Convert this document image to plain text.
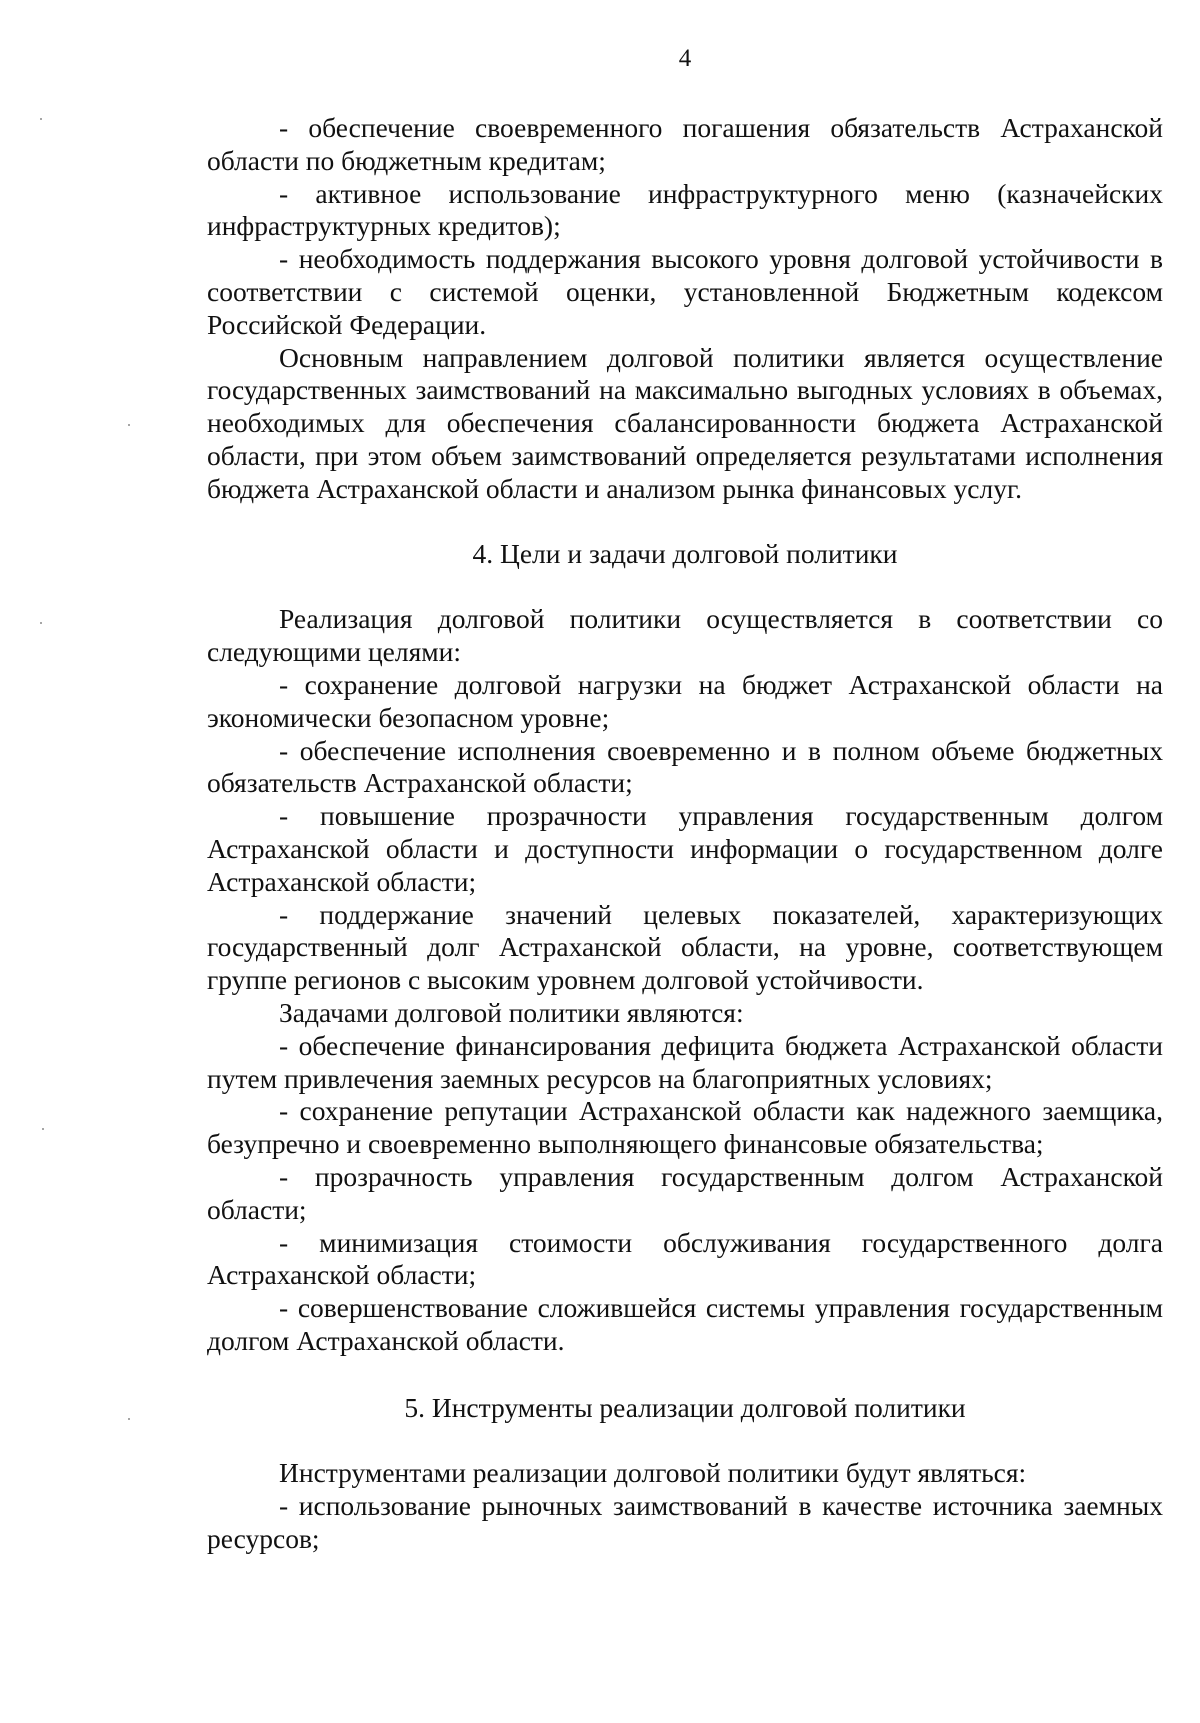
4

- обеспечение своевременного погашения обязательств Астраханской области по бюджетным кредитам;

- активное использование инфраструктурного меню (казначейских инфраструктурных кредитов);

- необходимость поддержания высокого уровня долговой устойчивости в соответствии с системой оценки, установленной Бюджетным кодексом Российской Федерации.

Основным направлением долговой политики является осуществление государственных заимствований на максимально выгодных условиях в объемах, необходимых для обеспечения сбалансированности бюджета Астраханской области, при этом объем заимствований определяется результатами исполнения бюджета Астраханской области и анализом рынка финансовых услуг.

4. Цели и задачи долговой политики

Реализация долговой политики осуществляется в соответствии со следующими целями:

- сохранение долговой нагрузки на бюджет Астраханской области на экономически безопасном уровне;

- обеспечение исполнения своевременно и в полном объеме бюджетных обязательств Астраханской области;

- повышение прозрачности управления государственным долгом Астраханской области и доступности информации о государственном долге Астраханской области;

- поддержание значений целевых показателей, характеризующих государственный долг Астраханской области, на уровне, соответствующем группе регионов с высоким уровнем долговой устойчивости.

Задачами долговой политики являются:

- обеспечение финансирования дефицита бюджета Астраханской области путем привлечения заемных ресурсов на благоприятных условиях;

- сохранение репутации Астраханской области как надежного заемщика, безупречно и своевременно выполняющего финансовые обязательства;

- прозрачность управления государственным долгом Астраханской области;

- минимизация стоимости обслуживания государственного долга Астраханской области;

- совершенствование сложившейся системы управления государственным долгом Астраханской области.

5. Инструменты реализации долговой политики

Инструментами реализации долговой политики будут являться:

- использование рыночных заимствований в качестве источника заемных ресурсов;
